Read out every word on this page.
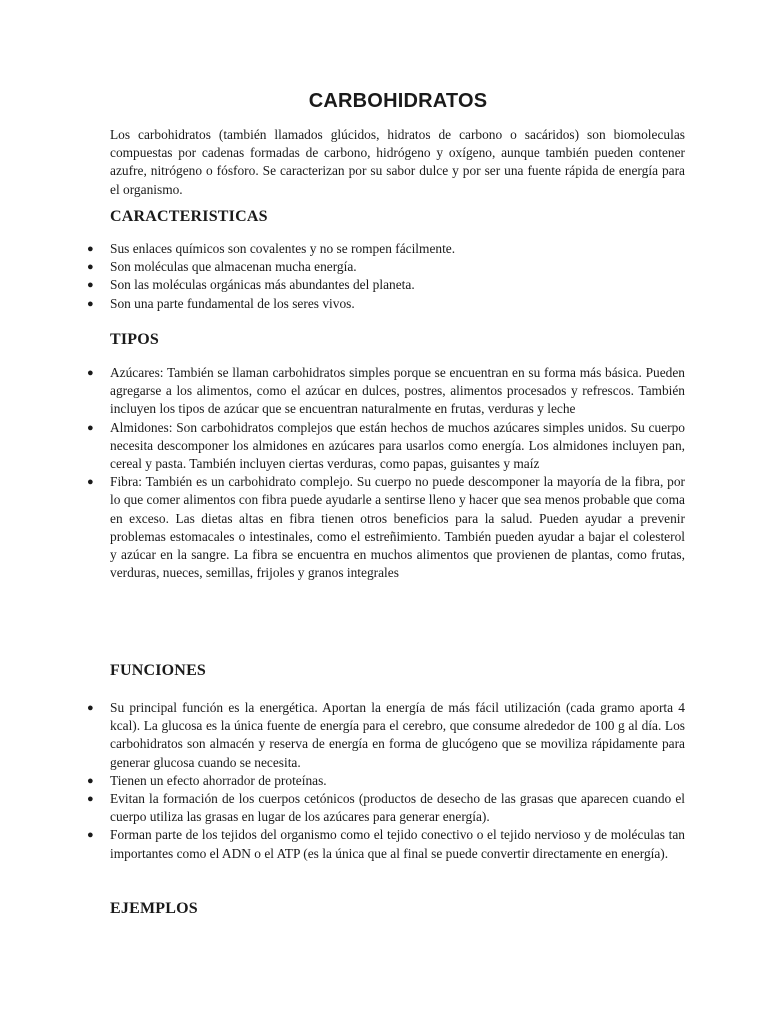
CARBOHIDRATOS

Los carbohidratos (también llamados glúcidos, hidratos de carbono o sacáridos) son biomoleculas compuestas por cadenas formadas de carbono, hidrógeno y oxígeno, aunque también pueden contener azufre, nitrógeno o fósforo. Se caracterizan por su sabor dulce y por ser una fuente rápida de energía para el organismo.

CARACTERISTICAS
● Sus enlaces químicos son covalentes y no se rompen fácilmente.
● Son moléculas que almacenan mucha energía.
● Son las moléculas orgánicas más abundantes del planeta.
● Son una parte fundamental de los seres vivos.
TIPOS
● Azúcares: También se llaman carbohidratos simples porque se encuentran en su forma más básica. Pueden agregarse a los alimentos, como el azúcar en dulces, postres, alimentos procesados y refrescos. También incluyen los tipos de azúcar que se encuentran naturalmente en frutas, verduras y leche
● Almidones: Son carbohidratos complejos que están hechos de muchos azúcares simples unidos. Su cuerpo necesita descomponer los almidones en azúcares para usarlos como energía. Los almidones incluyen pan, cereal y pasta. También incluyen ciertas verduras, como papas, guisantes y maíz
● Fibra: También es un carbohidrato complejo. Su cuerpo no puede descomponer la mayoría de la fibra, por lo que comer alimentos con fibra puede ayudarle a sentirse lleno y hacer que sea menos probable que coma en exceso. Las dietas altas en fibra tienen otros beneficios para la salud. Pueden ayudar a prevenir problemas estomacales o intestinales, como el estreñimiento. También pueden ayudar a bajar el colesterol y azúcar en la sangre. La fibra se encuentra en muchos alimentos que provienen de plantas, como frutas, verduras, nueces, semillas, frijoles y granos integrales
FUNCIONES
● Su principal función es la energética. Aportan la energía de más fácil utilización (cada gramo aporta 4 kcal). La glucosa es la única fuente de energía para el cerebro, que consume alrededor de 100 g al día. Los carbohidratos son almacén y reserva de energía en forma de glucógeno que se moviliza rápidamente para generar glucosa cuando se necesita.
● Tienen un efecto ahorrador de proteínas.
● Evitan la formación de los cuerpos cetónicos (productos de desecho de las grasas que aparecen cuando el cuerpo utiliza las grasas en lugar de los azúcares para generar energía).
● Forman parte de los tejidos del organismo como el tejido conectivo o el tejido nervioso y de moléculas tan importantes como el ADN o el ATP (es la única que al final se puede convertir directamente en energía).
EJEMPLOS
